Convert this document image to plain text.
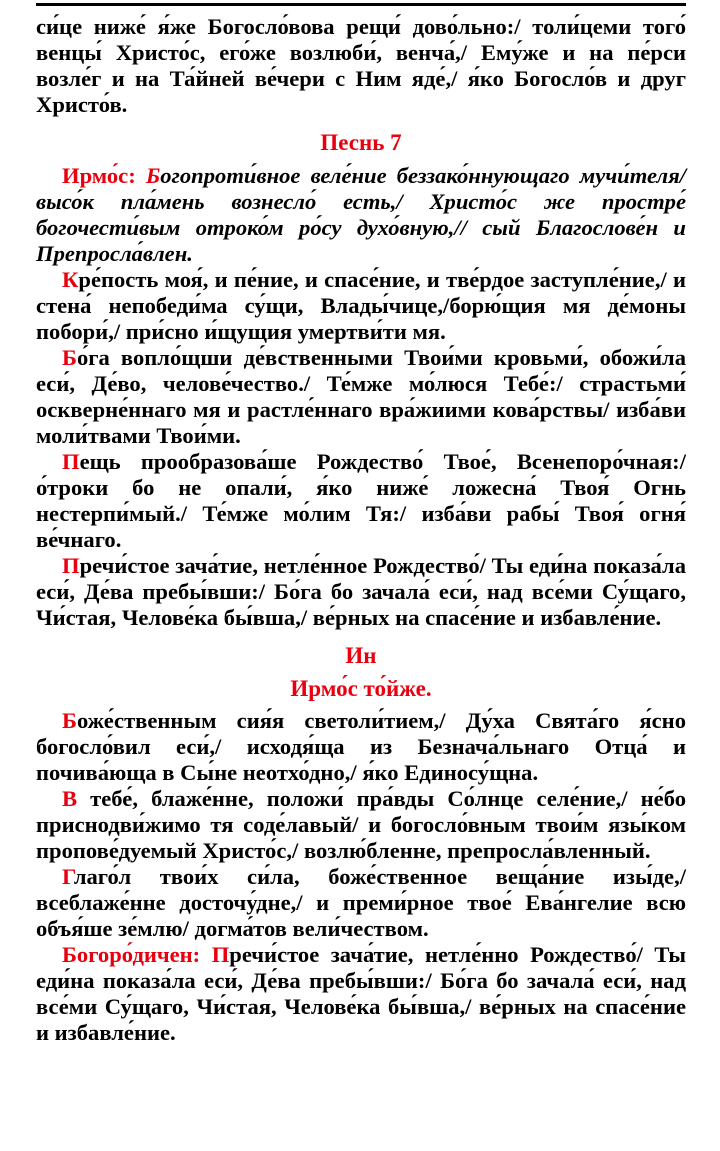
си́це ниже́ я́же Богосло́вова рещи́ дово́льно:/ толи́цеми того́ венцы́ Христо́с, его́же возлюби́, венча́,/ Ему́же и на пе́рси возле́г и на Та́йней ве́чери с Ним яде́,/ я́ко Богосло́в и друг Христо́в.

Песнь 7

Ирмо́с: Богопроти́вное веле́ние беззако́ннующаго мучи́теля/ высо́к пла́мень вознесло́ есть,/ Христо́с же простре́ богочести́вым отроко́м ро́су духо́вную,// сый Благослове́н и Препросла́влен.

Кре́пость моя́, и пе́ние, и спасе́ние, и тве́рдое заступле́ние,/ и стена́ непобеди́ма су́щи, Влады́чице,/борю́щия мя де́моны побори́,/ при́сно и́щущия умертви́ти мя.

Бо́га вопло́щши де́вственными Твои́ми кровьми́, обожи́ла еси́, Де́во, челове́чество./ Те́мже мо́люся Тебе́:/ страстьми́ оскверне́ннаго мя и растле́ннаго вра́жиими кова́рствы/ изба́ви моли́твами Твои́ми.

Пещь прообразова́ше Рождество́ Твое́, Всенепоро́чная:/ о́троки бо не опали́, я́ко ниже́ ложесна́ Твоя́ Огнь нестерпи́мый./ Те́мже мо́лим Тя:/ изба́ви рабы́ Твоя́ огня́ ве́чнаго.

Пречи́стое зача́тие, нетле́нное Рождество́/ Ты еди́на показа́ла еси́, Де́ва пребы́вши:/ Бо́га бо зачала́ еси́, над все́ми Су́щаго, Чи́стая, Челове́ка бы́вша,/ ве́рных на спасе́ние и избавле́ние.

Ин
Ирмо́с то́йже.

Боже́ственным сия́я светоли́тием,/ Ду́ха Свята́го я́сно богосло́вил еси́,/ исходя́ща из Безнача́льнаго Отца́ и почива́юща в Сы́не неотхо́дно,/ я́ко Единосу́щна.

В тебе́, блаже́нне, положи́ пра́вды Со́лнце селе́ние,/ не́бо приснодви́жимо тя соде́лавый/ и богосло́вным твои́м язы́ком пропове́дуемый Христо́с,/ возлю́бленне, препросла́вленный.

Глаго́л твои́х си́ла, боже́ственное веща́ние изы́де,/ всеблаже́нне досточу́дне,/ и преми́рное твое́ Ева́нгелие всю объя́ше зе́млю/ догма́тов вели́чеством.

Богоро́дичен: Пречи́стое зача́тие, нетле́нно Рождество́/ Ты еди́на показа́ла еси́, Де́ва пребы́вши:/ Бо́га бо зачала́ еси́, над все́ми Су́щаго, Чи́стая, Челове́ка бы́вша,/ ве́рных на спасе́ние и избавле́ние.
